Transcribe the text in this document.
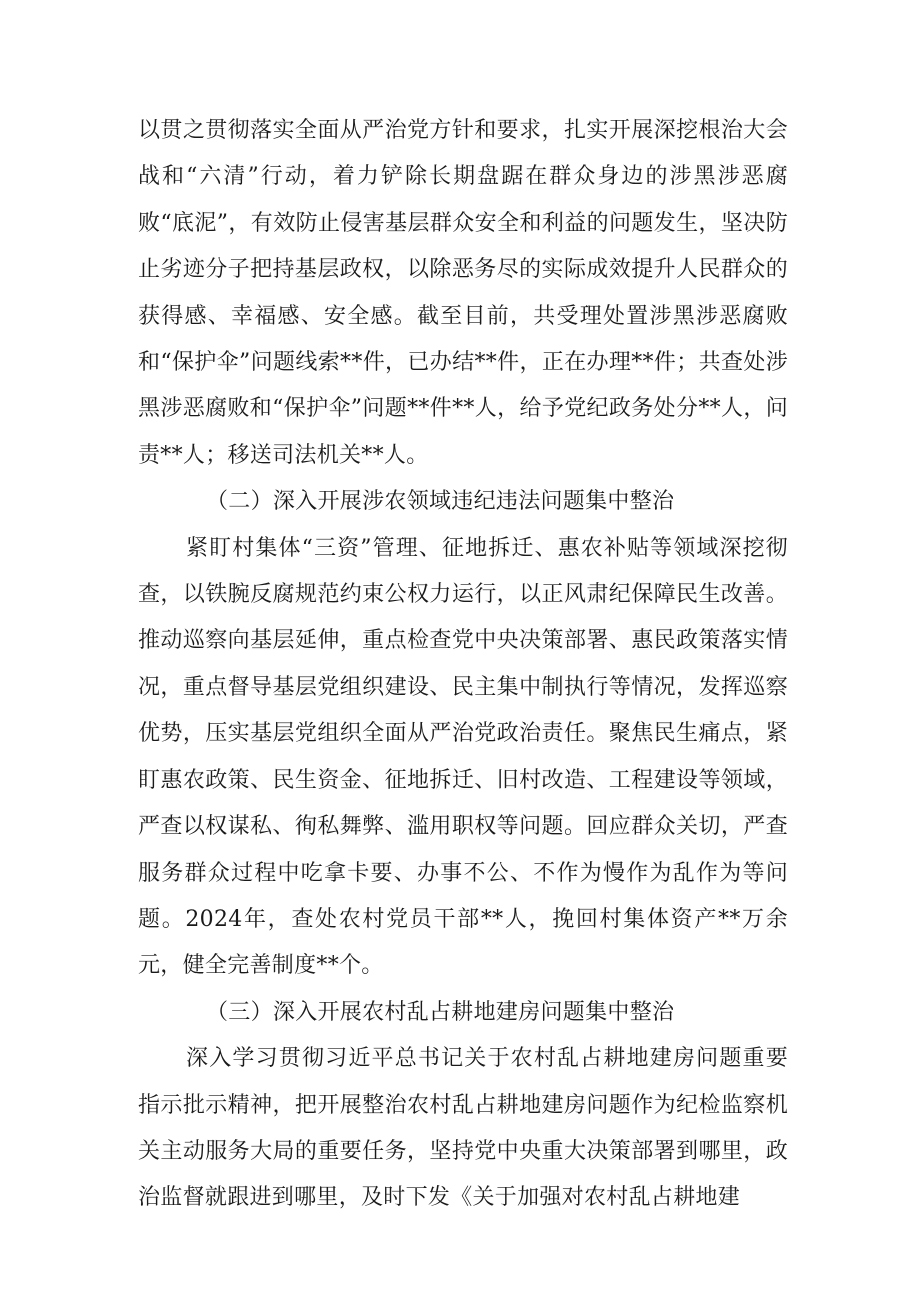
以贯之贯彻落实全面从严治党方针和要求，扎实开展深挖根治大会战和“六清”行动，着力铲除长期盘踞在群众身边的涉黑涉恶腐败“底泥”，有效防止侵害基层群众安全和利益的问题发生，坚决防止劣迹分子把持基层政权，以除恶务尽的实际成效提升人民群众的获得感、幸福感、安全感。截至目前，共受理处置涉黑涉恶腐败和“保护伞”问题线索**件，已办结**件，正在办理**件；共查处涉黑涉恶腐败和“保护伞”问题**件**人，给予党纪政务处分**人，问责**人；移送司法机关**人。

（二）深入开展涉农领域违纪违法问题集中整治

紧盯村集体“三资”管理、征地拆迁、惠农补贴等领域深挖彻查，以铁腕反腐规范约束公权力运行，以正风肃纪保障民生改善。推动巡察向基层延伸，重点检查党中央决策部署、惠民政策落实情况，重点督导基层党组织建设、民主集中制执行等情况，发挥巡察优势，压实基层党组织全面从严治党政治责任。聚焦民生痛点，紧盯惠农政策、民生资金、征地拆迁、旧村改造、工程建设等领域，严查以权谋私、徇私舞弊、滥用职权等问题。回应群众关切，严查服务群众过程中吃拿卡要、办事不公、不作为慢作为乱作为等问题。2024年，查处农村党员干部**人，挽回村集体资产**万余元，健全完善制度**个。

（三）深入开展农村乱占耕地建房问题集中整治

深入学习贯彻习近平总书记关于农村乱占耕地建房问题重要指示批示精神，把开展整治农村乱占耕地建房问题作为纪检监察机关主动服务大局的重要任务，坚持党中央重大决策部署到哪里，政治监督就跟进到哪里，及时下发《关于加强对农村乱占耕地建
